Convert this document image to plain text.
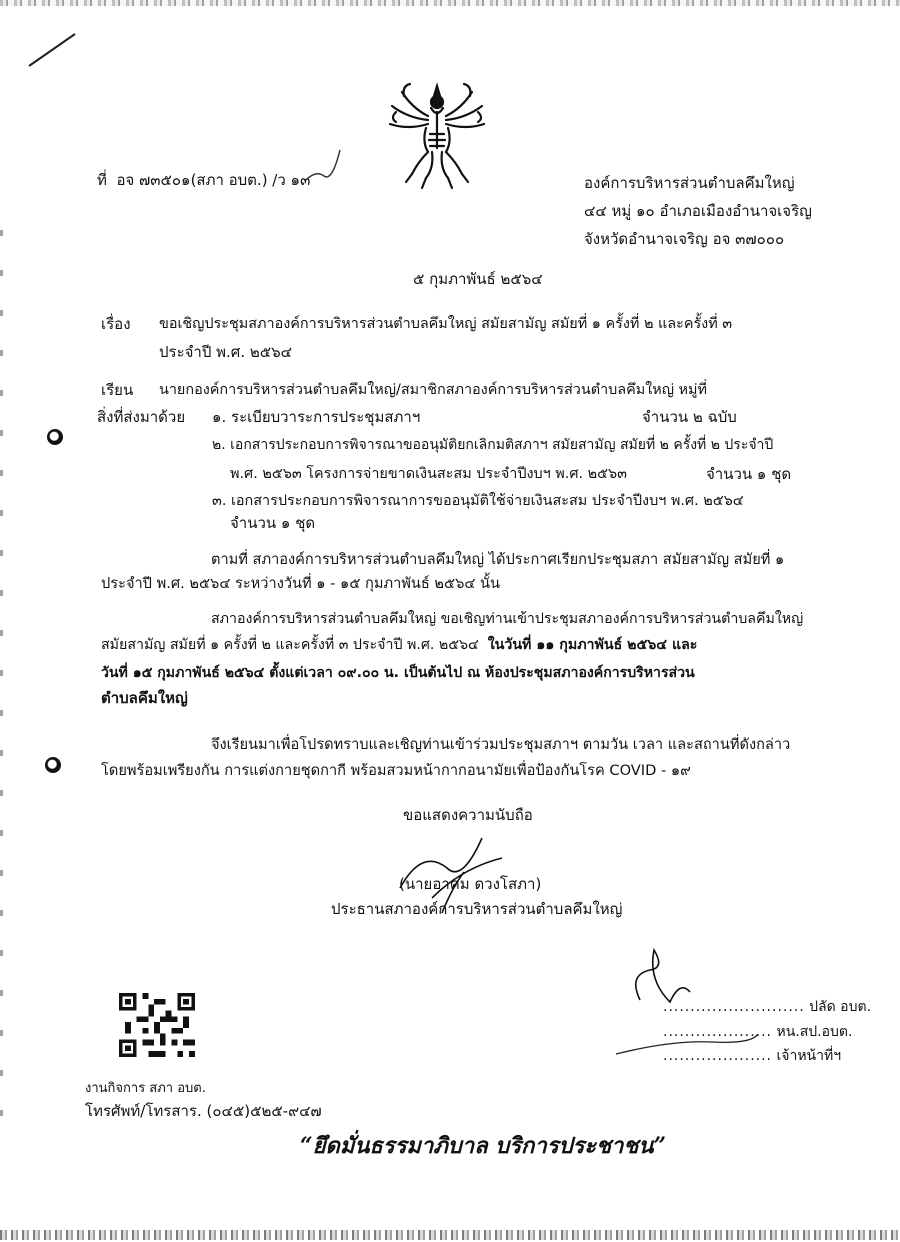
ที่ อจ ๗๓๕๐๑(สภา อบต.) /ว ๑๓	องค์การบริหารส่วนตำบลคึมใหญ่
๔๔ หมู่ ๑๐ อำเภอเมืองอำนาจเจริญ
จังหวัดอำนาจเจริญ อจ ๓๗๐๐๐
๕ กุมภาพันธ์ ๒๕๖๔
เรื่อง ขอเชิญประชุมสภาองค์การบริหารส่วนตำบลคึมใหญ่ สมัยสามัญ สมัยที่ ๑ ครั้งที่ ๒ และครั้งที่ ๓
ประจำปี พ.ศ. ๒๕๖๔
เรียน นายกองค์การบริหารส่วนตำบลคึมใหญ่/สมาชิกสภาองค์การบริหารส่วนตำบลคึมใหญ่ หมู่ที่
สิ่งที่ส่งมาด้วย ๑. ระเบียบวาระการประชุมสภาฯ	จำนวน ๒ ฉบับ
๒. เอกสารประกอบการพิจารณาขออนุมัติยกเลิกมติสภาฯ สมัยสามัญ สมัยที่ ๒ ครั้งที่ ๒ ประจำปี
พ.ศ. ๒๕๖๓ โครงการจ่ายขาดเงินสะสม ประจำปีงบฯ พ.ศ. ๒๕๖๓	จำนวน ๑ ชุด
๓. เอกสารประกอบการพิจารณาการขออนุมัติใช้จ่ายเงินสะสม ประจำปีงบฯ พ.ศ. ๒๕๖๔
จำนวน ๑ ชุด
ตามที่ สภาองค์การบริหารส่วนตำบลคึมใหญ่ ได้ประกาศเรียกประชุมสภา สมัยสามัญ สมัยที่ ๑
ประจำปี พ.ศ. ๒๕๖๔ ระหว่างวันที่ ๑ - ๑๕ กุมภาพันธ์ ๒๕๖๔ นั้น
สภาองค์การบริหารส่วนตำบลคึมใหญ่ ขอเชิญท่านเข้าประชุมสภาองค์การบริหารส่วนตำบลคึมใหญ่
สมัยสามัญ สมัยที่ ๑ ครั้งที่ ๒ และครั้งที่ ๓ ประจำปี พ.ศ. ๒๕๖๔ ในวันที่ ๑๑ กุมภาพันธ์ ๒๕๖๔ และ
วันที่ ๑๕ กุมภาพันธ์ ๒๕๖๔ ตั้งแต่เวลา ๐๙.๐๐ น. เป็นต้นไป ณ ห้องประชุมสภาองค์การบริหารส่วน
ตำบลคึมใหญ่
จึงเรียนมาเพื่อโปรดทราบและเชิญท่านเข้าร่วมประชุมสภาฯ ตามวัน เวลา และสถานที่ดังกล่าว
โดยพร้อมเพรียงกัน การแต่งกายชุดกากี พร้อมสวมหน้ากากอนามัยเพื่อป้องกันโรค COVID - ๑๙
ขอแสดงความนับถือ
(นายอาคม ดวงโสภา)
ประธานสภาองค์การบริหารส่วนตำบลคึมใหญ่
.......................... ปลัด อบต.
.................... หน.สป.อบต.
.................... เจ้าหน้าที่ฯ
งานกิจการ สภา อบต.
โทรศัพท์/โทรสาร. (๐๔๕)๕๒๕-๙๔๗
“ยึดมั่นธรรมาภิบาล บริการประชาชน”
